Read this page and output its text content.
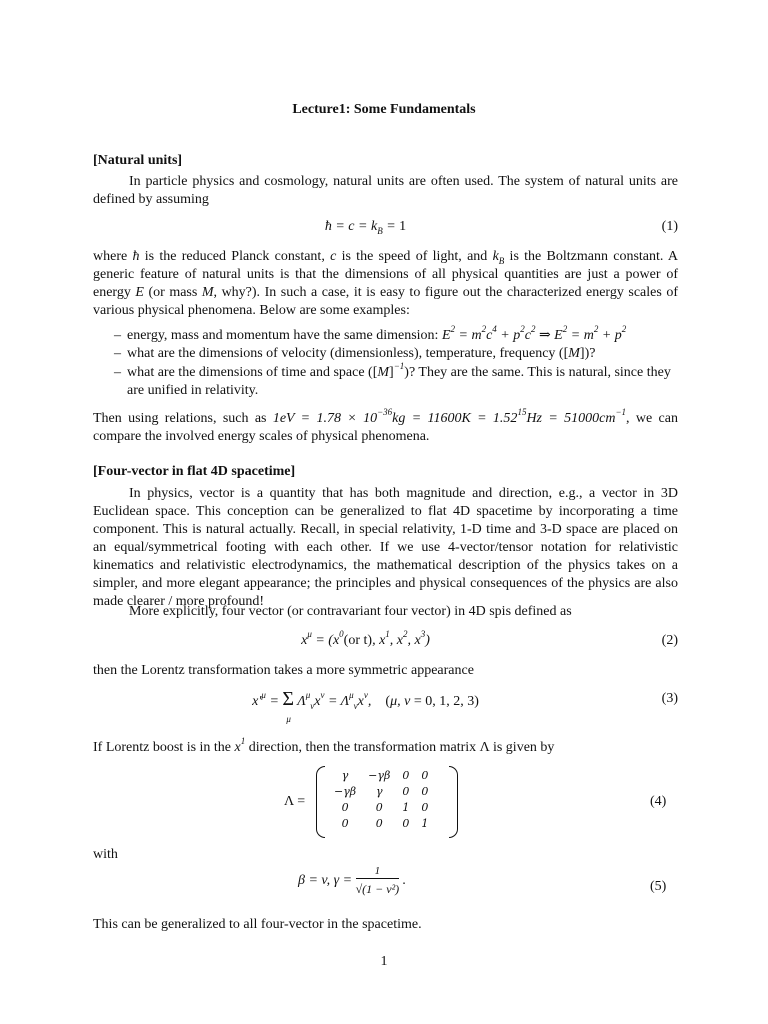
Lecture1: Some Fundamentals
[Natural units]
In particle physics and cosmology, natural units are often used. The system of natural units are defined by assuming
ħ = $c = k_B = 1$	(1)
where ħ is the reduced Planck constant, c is the speed of light, and $k_B$ is the Boltzmann constant. A generic feature of natural units is that the dimensions of all physical quantities are just a power of energy E (or mass M, why?). In such a case, it is easy to figure out the characterized energy scales of various physical phenomena. Below are some examples:
– energy, mass and momentum have the same dimension: $E^2 = m^2c^4 + p^2c^2$ ⇒ $E^2 = m^2 + p^2$
– what are the dimensions of velocity (dimensionless), temperature, frequency ([M])?
– what are the dimensions of time and space $([M]^{-1})$? They are the same. This is natural, since they are unified in relativity.
Then using relations, such as $1eV = 1.78 \times 10^{-36}kg = 11600K = 1.52^{15}Hz = 51000cm^{-1}$, we can compare the involved energy scales of physical phenomena.
[Four-vector in flat 4D spacetime]
In physics, vector is a quantity that has both magnitude and direction, e.g., a vector in 3D Euclidean space. This conception can be generalized to flat 4D spacetime by incorporating a time component. This is natural actually. Recall, in special relativity, 1-D time and 3-D space are placed on an equal/symmetrical footing with each other. If we use 4-vector/tensor notation for relativistic kinematics and relativistic electrodynamics, the mathematical description of the physics takes on a simpler, and more elegant appearance; the principles and physical consequences of the physics are also made clearer / more profound!
More explicitly, four vector (or contravariant four vector) in 4D spis defined as
$x^\mu = (x^0(or$ t), $x^1$, $x^2$, $x^3$)	(2)
then the Lorentz transformation takes a more symmetric appearance
$x'^\mu = \Sigma$
μ
$\Lambda^\mu_\nu x^\nu = \Lambda^\mu_\nu x^\nu$,    (μ, ν = 0, 1, 2, 3)	(3)
If Lorentz boost is in the $x^1$ direction, then the transformation matrix Λ is given by
Λ =
γ	−γβ	0	0
−γβ	γ	0	0
0	0	1	0
0	0	0	1
(4)
with
β = v, $\gamma = \frac{1}{\text{√(1 − v²)}}$ .	(5)
This can be generalized to all four-vector in the spacetime.
1
